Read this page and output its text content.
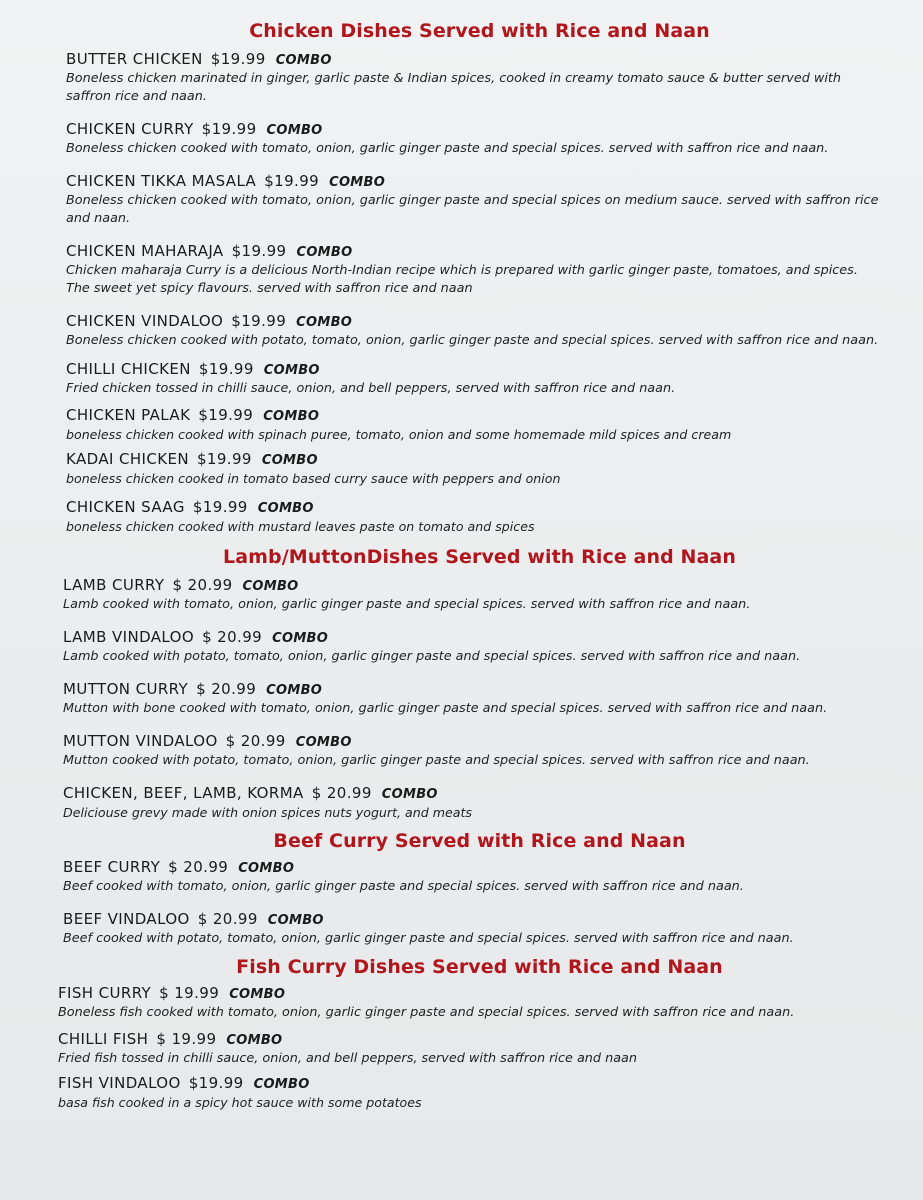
Chicken Dishes Served with Rice and Naan
BUTTER CHICKEN $19.99 COMBO
Boneless chicken marinated in ginger, garlic paste & Indian spices, cooked in creamy tomato sauce & butter served with saffron rice and naan.
CHICKEN CURRY $19.99 COMBO
Boneless chicken cooked with tomato, onion, garlic ginger paste and special spices. served with saffron rice and naan.
CHICKEN TIKKA MASALA $19.99 COMBO
Boneless chicken cooked with tomato, onion, garlic ginger paste and special spices on medium sauce. served with saffron rice and naan.
CHICKEN MAHARAJA $19.99 COMBO
Chicken maharaja Curry is a delicious North-Indian recipe which is prepared with garlic ginger paste, tomatoes, and spices. The sweet yet spicy flavours. served with saffron rice and naan
CHICKEN VINDALOO $19.99 COMBO
Boneless chicken cooked with potato, tomato, onion, garlic ginger paste and special spices. served with saffron rice and naan.
CHILLI CHICKEN $19.99 COMBO
Fried chicken tossed in chilli sauce, onion, and bell peppers, served with saffron rice and naan.
CHICKEN PALAK $19.99 COMBO
boneless chicken cooked with spinach puree, tomato, onion and some homemade mild spices and cream
KADAI CHICKEN $19.99 COMBO
boneless chicken cooked in tomato based curry sauce with peppers and onion
CHICKEN SAAG $19.99 COMBO
boneless chicken cooked with mustard leaves paste on tomato and spices
Lamb/MuttonDishes Served with Rice and Naan
LAMB CURRY $ 20.99 COMBO
Lamb cooked with tomato, onion, garlic ginger paste and special spices. served with saffron rice and naan.
LAMB VINDALOO $ 20.99 COMBO
Lamb cooked with potato, tomato, onion, garlic ginger paste and special spices. served with saffron rice and naan.
MUTTON CURRY $ 20.99 COMBO
Mutton with bone cooked with tomato, onion, garlic ginger paste and special spices. served with saffron rice and naan.
MUTTON VINDALOO $ 20.99 COMBO
Mutton cooked with potato, tomato, onion, garlic ginger paste and special spices. served with saffron rice and naan.
CHICKEN, BEEF, LAMB, KORMA $ 20.99 COMBO
Deliciouse grevy made with onion spices nuts yogurt, and meats
Beef Curry Served with Rice and Naan
BEEF CURRY $ 20.99 COMBO
Beef cooked with tomato, onion, garlic ginger paste and special spices. served with saffron rice and naan.
BEEF VINDALOO $ 20.99 COMBO
Beef cooked with potato, tomato, onion, garlic ginger paste and special spices. served with saffron rice and naan.
Fish Curry Dishes Served with Rice and Naan
FISH CURRY $ 19.99 COMBO
Boneless fish cooked with tomato, onion, garlic ginger paste and special spices. served with saffron rice and naan.
CHILLI FISH $ 19.99 COMBO
Fried fish tossed in chilli sauce, onion, and bell peppers, served with saffron rice and naan
FISH VINDALOO $19.99 COMBO
basa fish cooked in a spicy hot sauce with some potatoes
